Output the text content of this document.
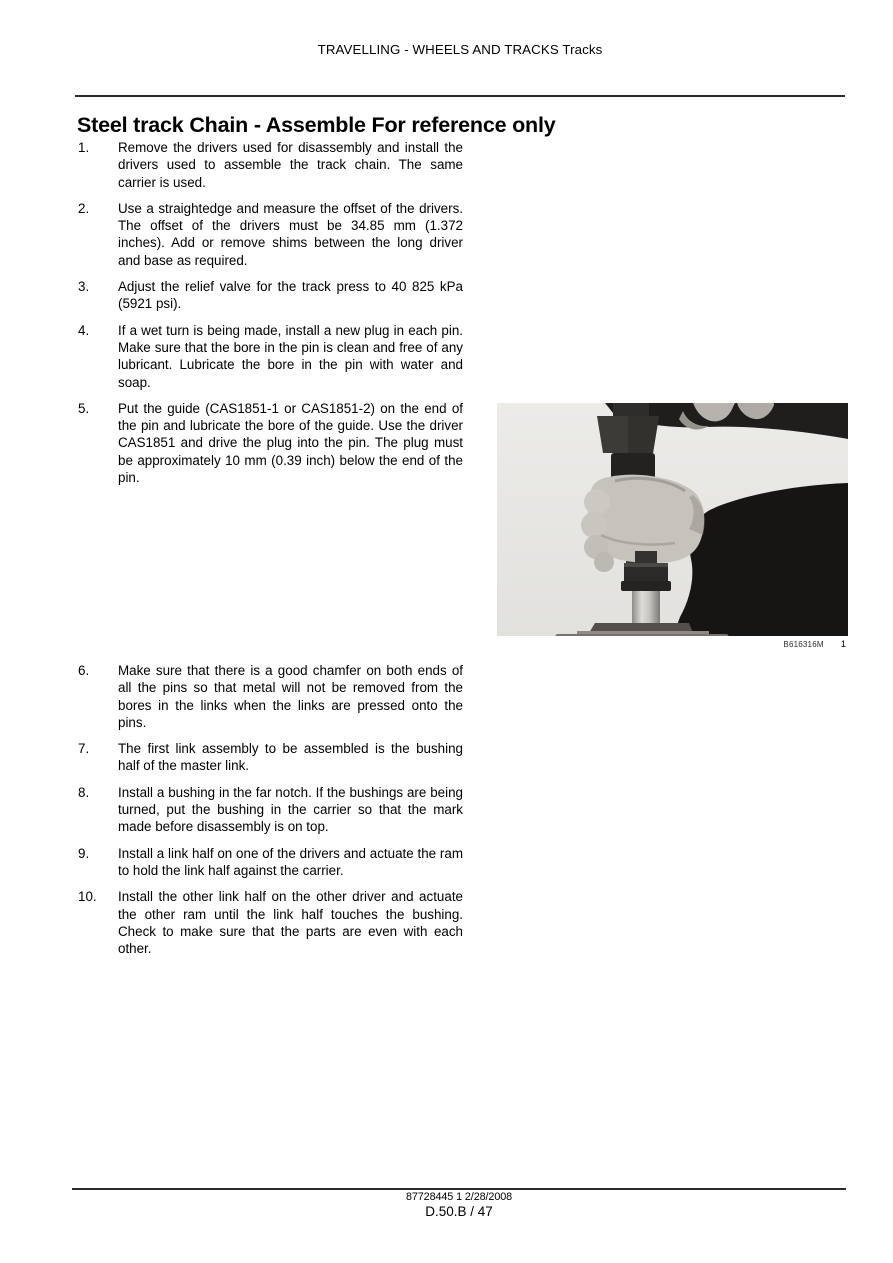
TRAVELLING - WHEELS AND TRACKS Tracks
Steel track Chain - Assemble For reference only
1.	Remove the drivers used for disassembly and install the drivers used to assemble the track chain. The same carrier is used.
2.	Use a straightedge and measure the offset of the drivers. The offset of the drivers must be 34.85 mm (1.372 inches). Add or remove shims between the long driver and base as required.
3.	Adjust the relief valve for the track press to 40 825 kPa (5921 psi).
4.	If a wet turn is being made, install a new plug in each pin. Make sure that the bore in the pin is clean and free of any lubricant. Lubricate the bore in the pin with water and soap.
5.	Put the guide (CAS1851-1 or CAS1851-2) on the end of the pin and lubricate the bore of the guide. Use the driver CAS1851 and drive the plug into the pin. The plug must be approximately 10 mm (0.39 inch) below the end of the pin.
6.	Make sure that there is a good chamfer on both ends of all the pins so that metal will not be removed from the bores in the links when the links are pressed onto the pins.
7.	The first link assembly to be assembled is the bushing half of the master link.
8.	Install a bushing in the far notch. If the bushings are being turned, put the bushing in the carrier so that the mark made before disassembly is on top.
9.	Install a link half on one of the drivers and actuate the ram to hold the link half against the carrier.
10.	Install the other link half on the other driver and actuate the other ram until the link half touches the bushing. Check to make sure that the parts are even with each other.
B616316M 1
87728445 1 2/28/2008
D.50.B / 47
